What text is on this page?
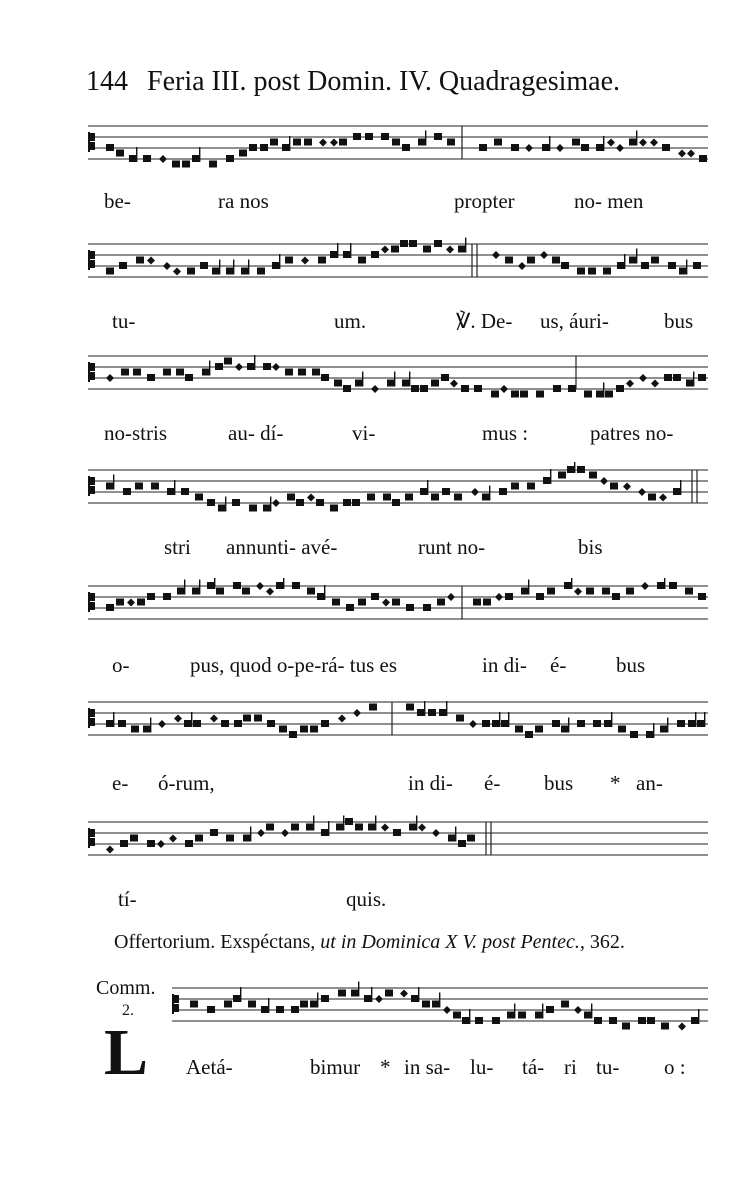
144 Feria III. post Domin. IV. Quadragesimae.
be-	ra nos	propter	no- men
tu-	um.	℣. De- us, áuri-	bus
no-stris	au- dí-	vi-	mus :	patres no-
stri annunti- avé-	runt no-	bis
o-	pus, quod o-pe-rá- tus es	in di- é- bus
e- ó-rum,	in di- é- bus * an-
tí-	quis.
Offertorium. Exspéctans, ut in Dominica X V. post Pentec., 362.
Comm.
2.
L Aetá-	bimur * in sa- lu- tá- ri tu- o :
